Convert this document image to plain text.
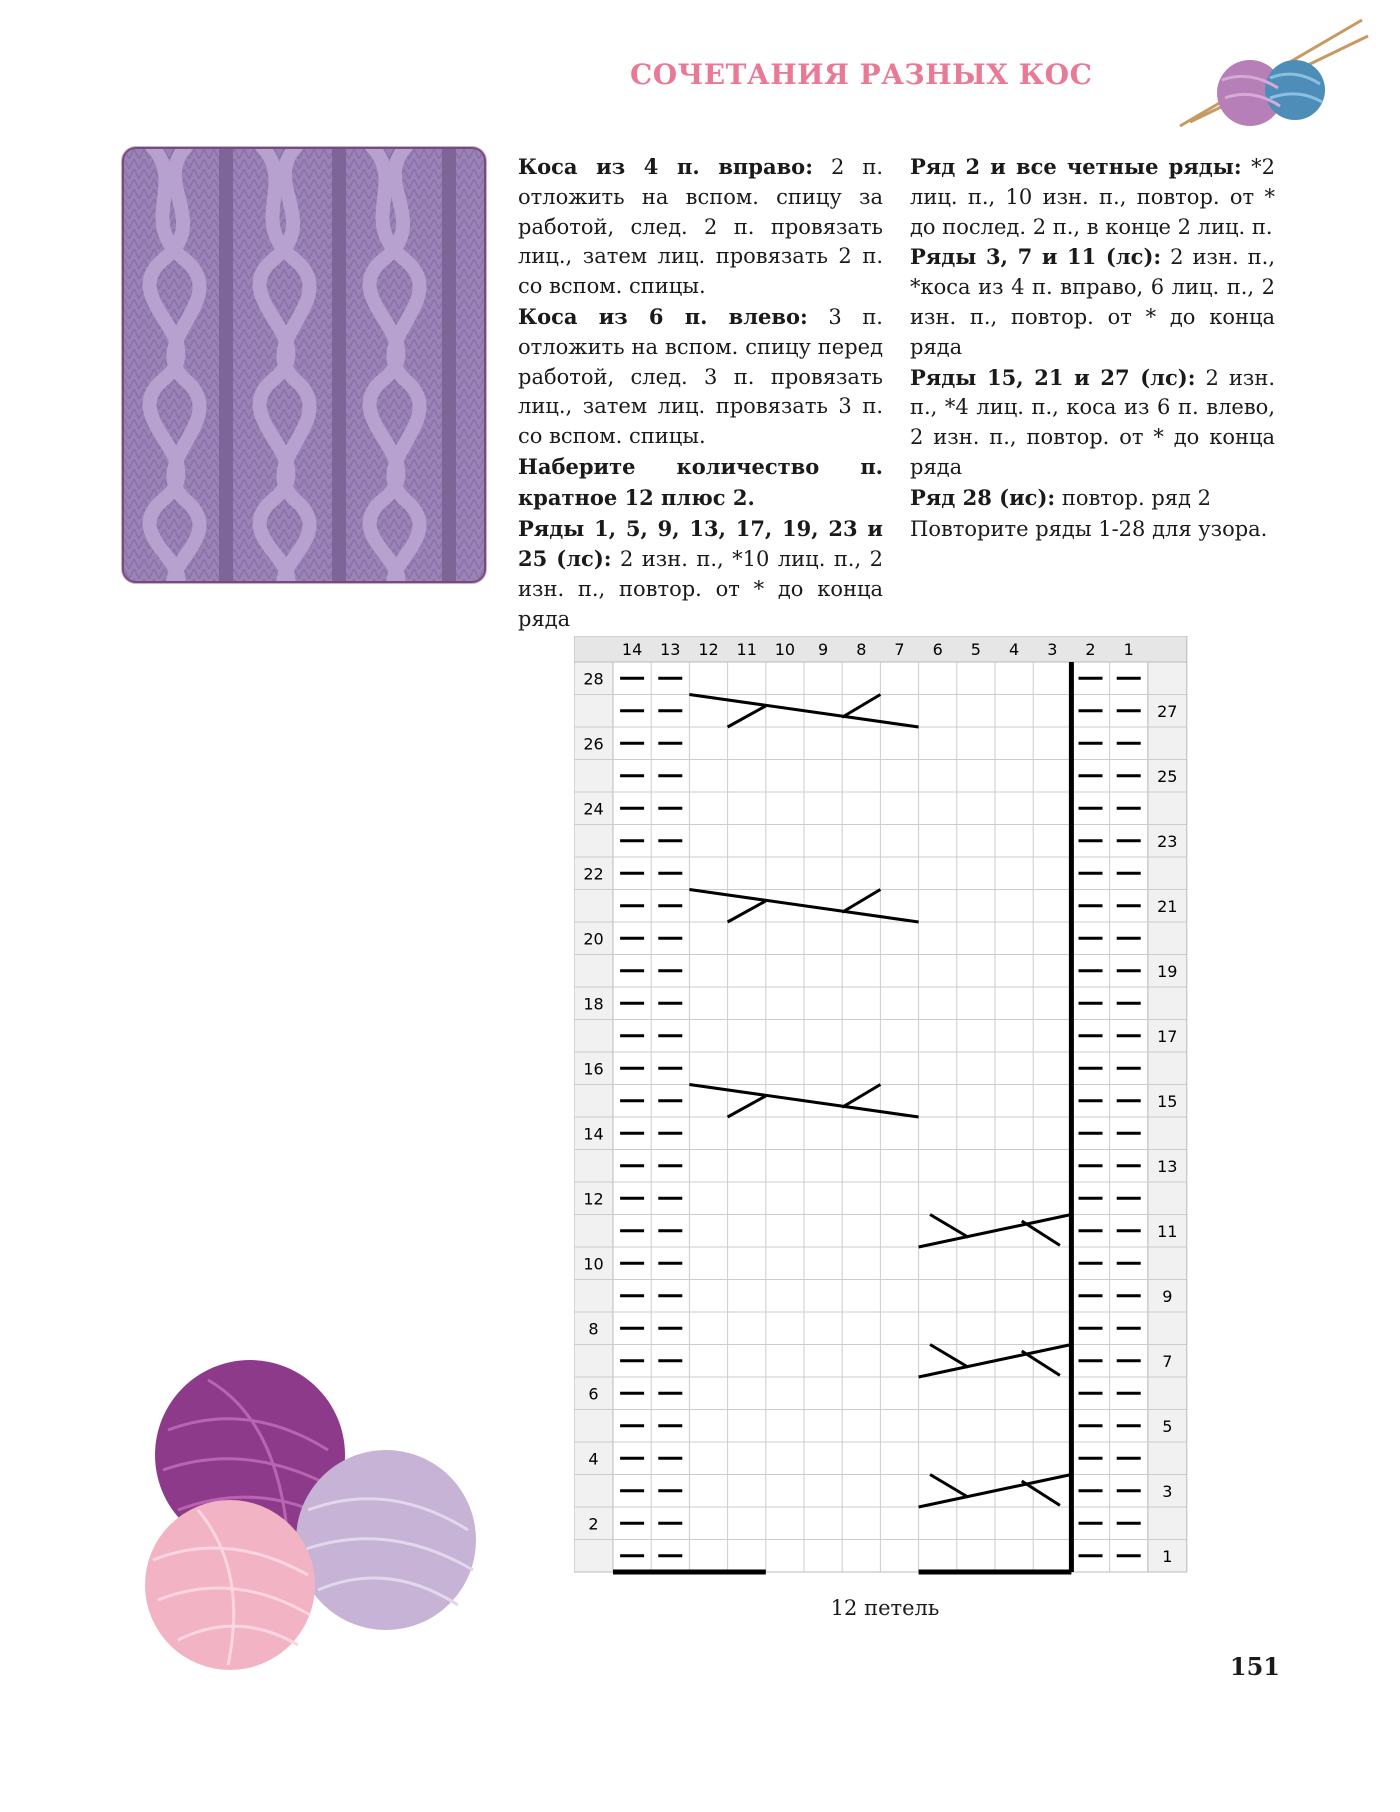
СОЧЕТАНИЯ РАЗНЫХ КОС

Коса из 4 п. вправо: 2 п. отложить на вспом. спицу за работой, след. 2 п. провязать лиц., затем лиц. провязать 2 п. со вспом. спицы.

Коса из 6 п. влево: 3 п. отложить на вспом. спицу перед работой, след. 3 п. провязать лиц., затем лиц. провязать 3 п. со вспом. спицы.

Наберите количество п. кратное 12 плюс 2.

Ряды 1, 5, 9, 13, 17, 19, 23 и 25 (лс): 2 изн. п., *10 лиц. п., 2 изн. п., повтор. от * до конца ряда

Ряд 2 и все четные ряды: *2 лиц. п., 10 изн. п., повтор. от * до послед. 2 п., в конце 2 лиц. п.

Ряды 3, 7 и 11 (лс): 2 изн. п., *коса из 4 п. вправо, 6 лиц. п., 2 изн. п., повтор. от * до конца ряда

Ряды 15, 21 и 27 (лс): 2 изн. п., *4 лиц. п., коса из 6 п. влево, 2 изн. п., повтор. от * до конца ряда

Ряд 28 (ис): повтор. ряд 2

Повторите ряды 1-28 для узора.

14 13 12 11 10 9 8 7 6 5 4 3 2 1
28
26
24
22
20
18
16
14
12
10
8
6
4
2
27
25
23
21
19
17
15
13
11
9
7
5
3
1
12 петель
151
